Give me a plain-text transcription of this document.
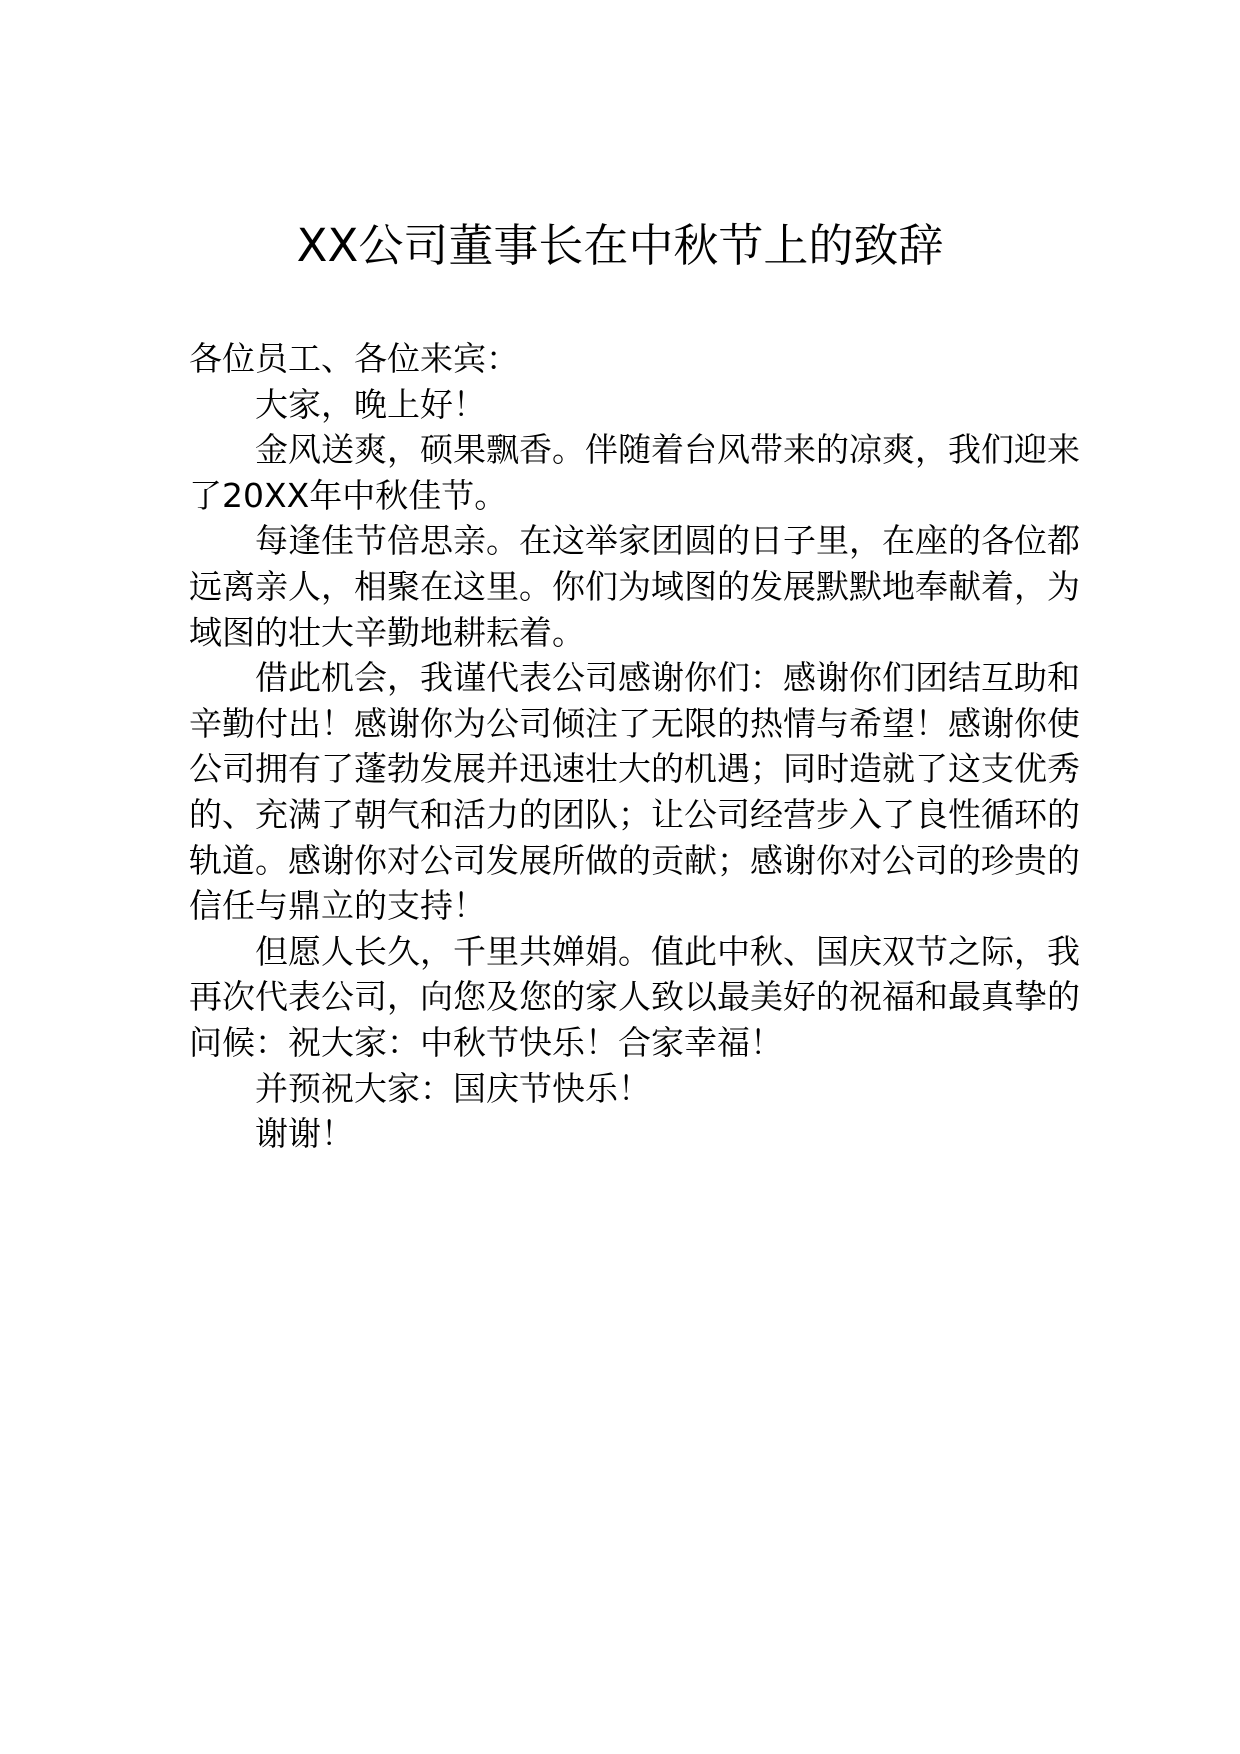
XX公司董事长在中秋节上的致辞

各位员工、各位来宾：

大家，晚上好！

金风送爽，硕果飘香。伴随着台风带来的凉爽，我们迎来了20XX年中秋佳节。

每逢佳节倍思亲。在这举家团圆的日子里，在座的各位都远离亲人，相聚在这里。你们为域图的发展默默地奉献着，为域图的壮大辛勤地耕耘着。

借此机会，我谨代表公司感谢你们：感谢你们团结互助和辛勤付出！感谢你为公司倾注了无限的热情与希望！感谢你使公司拥有了蓬勃发展并迅速壮大的机遇；同时造就了这支优秀的、充满了朝气和活力的团队；让公司经营步入了良性循环的轨道。感谢你对公司发展所做的贡献；感谢你对公司的珍贵的信任与鼎立的支持！

但愿人长久，千里共婵娟。值此中秋、国庆双节之际，我再次代表公司，向您及您的家人致以最美好的祝福和最真挚的问候：祝大家：中秋节快乐！合家幸福！

并预祝大家：国庆节快乐！

谢谢！
